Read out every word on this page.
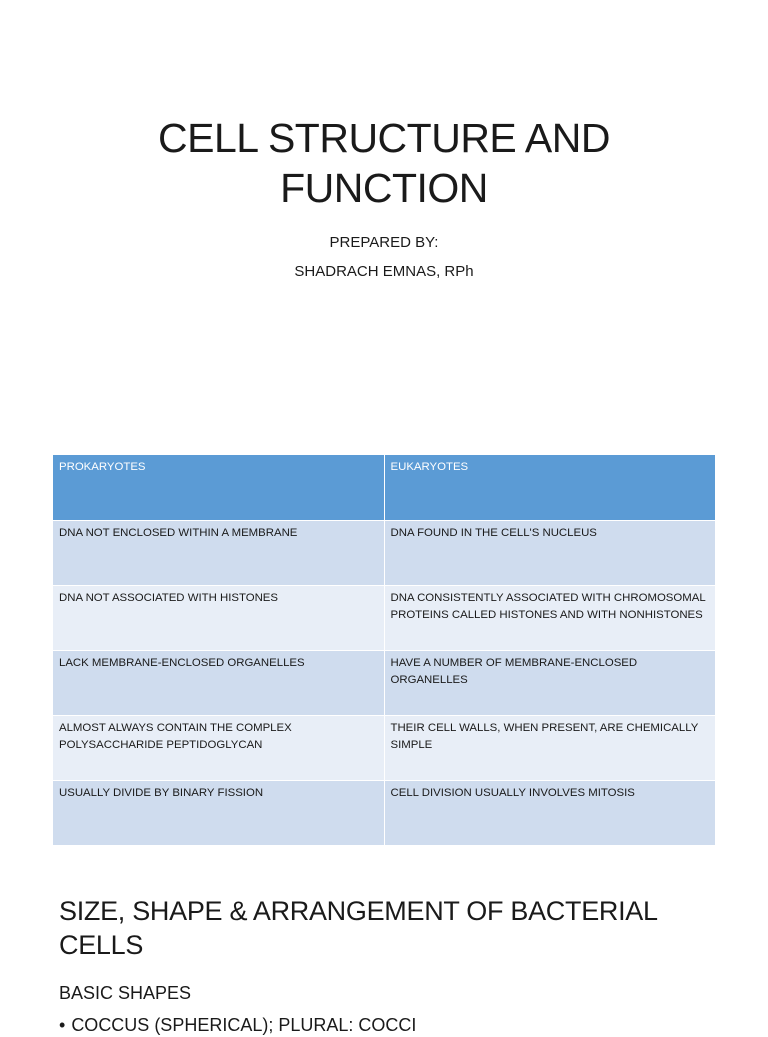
CELL STRUCTURE AND
FUNCTION
PREPARED BY:
SHADRACH EMNAS, RPh
PROKARYOTES	EUKARYOTES
DNA NOT ENCLOSED WITHIN A MEMBRANE	DNA FOUND IN THE CELL'S NUCLEUS
DNA NOT ASSOCIATED WITH HISTONES	DNA CONSISTENTLY ASSOCIATED WITH CHROMOSOMAL PROTEINS CALLED HISTONES AND WITH NONHISTONES
LACK MEMBRANE-ENCLOSED ORGANELLES	HAVE A NUMBER OF MEMBRANE-ENCLOSED ORGANELLES
ALMOST ALWAYS CONTAIN THE COMPLEX POLYSACCHARIDE PEPTIDOGLYCAN	THEIR CELL WALLS, WHEN PRESENT, ARE CHEMICALLY SIMPLE
USUALLY DIVIDE BY BINARY FISSION	CELL DIVISION USUALLY INVOLVES MITOSIS
SIZE, SHAPE & ARRANGEMENT OF BACTERIAL CELLS
BASIC SHAPES
• COCCUS (SPHERICAL); PLURAL: COCCI
